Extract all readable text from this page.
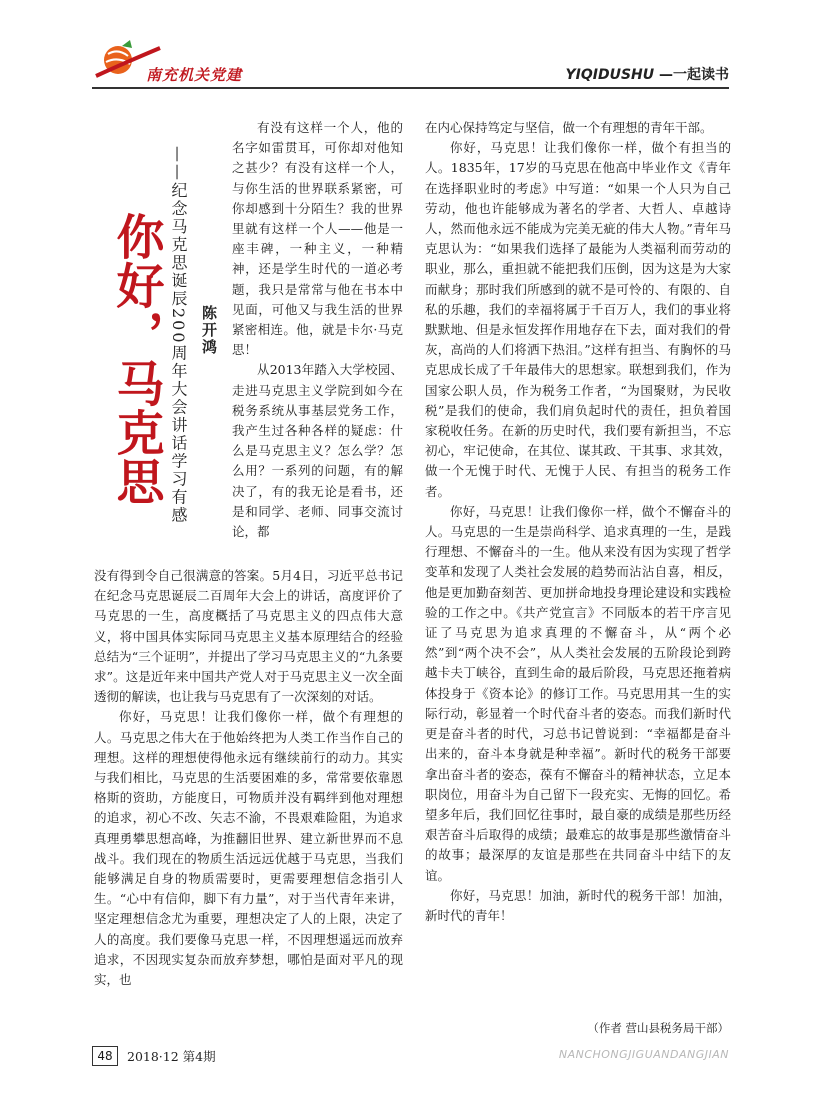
南充机关党建	YIQIDUSHU —一起读书
你好，马克思 ——纪念马克思诞辰200周年大会讲话学习有感 陈开鸿

有没有这样一个人，他的名字如雷贯耳，可你却对他知之甚少？有没有这样一个人，与你生活的世界联系紧密，可你却感到十分陌生？我的世界里就有这样一个人——他是一座丰碑，一种主义，一种精神，还是学生时代的一道必考题，我只是常常与他在书本中见面，可他又与我生活的世界紧密相连。他，就是卡尔·马克思！

从2013年踏入大学校园、走进马克思主义学院到如今在税务系统从事基层党务工作，我产生过各种各样的疑虑：什么是马克思主义？怎么学？怎么用？一系列的问题，有的解决了，有的我无论是看书，还是和同学、老师、同事交流讨论，都

没有得到令自己很满意的答案。5月4日，习近平总书记在纪念马克思诞辰二百周年大会上的讲话，高度评价了马克思的一生，高度概括了马克思主义的四点伟大意义，将中国具体实际同马克思主义基本原理结合的经验总结为“三个证明”，并提出了学习马克思主义的“九条要求”。这是近年来中国共产党人对于马克思主义一次全面透彻的解读，也让我与马克思有了一次深刻的对话。

你好，马克思！让我们像你一样，做个有理想的人。马克思之伟大在于他始终把为人类工作当作自己的理想。这样的理想使得他永远有继续前行的动力。其实与我们相比，马克思的生活要困难的多，常常要依靠恩格斯的资助，方能度日，可物质并没有羁绊到他对理想的追求，初心不改、矢志不渝，不畏艰难险阻，为追求真理勇攀思想高峰，为推翻旧世界、建立新世界而不息战斗。我们现在的物质生活远远优越于马克思，当我们能够满足自身的物质需要时，更需要理想信念指引人生。“心中有信仰，脚下有力量”，对于当代青年来讲，坚定理想信念尤为重要，理想决定了人的上限，决定了人的高度。我们要像马克思一样，不因理想遥远而放弃追求，不因现实复杂而放弃梦想，哪怕是面对平凡的现实，也

在内心保持笃定与坚信，做一个有理想的青年干部。

你好，马克思！让我们像你一样，做个有担当的人。1835年，17岁的马克思在他高中毕业作文《青年在选择职业时的考虑》中写道：“如果一个人只为自己劳动，他也许能够成为著名的学者、大哲人、卓越诗人，然而他永远不能成为完美无疵的伟大人物。”青年马克思认为：“如果我们选择了最能为人类福利而劳动的职业，那么，重担就不能把我们压倒，因为这是为大家而献身；那时我们所感到的就不是可怜的、有限的、自私的乐趣，我们的幸福将属于千百万人，我们的事业将默默地、但是永恒发挥作用地存在下去，面对我们的骨灰，高尚的人们将洒下热泪。”这样有担当、有胸怀的马克思成长成了千年最伟大的思想家。联想到我们，作为国家公职人员，作为税务工作者，“为国聚财，为民收税”是我们的使命，我们肩负起时代的责任，担负着国家税收任务。在新的历史时代，我们要有新担当，不忘初心，牢记使命，在其位、谋其政、干其事、求其效，做一个无愧于时代、无愧于人民、有担当的税务工作者。

你好，马克思！让我们像你一样，做个不懈奋斗的人。马克思的一生是崇尚科学、追求真理的一生，是践行理想、不懈奋斗的一生。他从来没有因为实现了哲学变革和发现了人类社会发展的趋势而沾沾自喜，相反，他是更加勤奋刻苦、更加拼命地投身理论建设和实践检验的工作之中。《共产党宣言》不同版本的若干序言见证了马克思为追求真理的不懈奋斗，从“两个必然”到“两个决不会”，从人类社会发展的五阶段论到跨越卡夫丁峡谷，直到生命的最后阶段，马克思还拖着病体投身于《资本论》的修订工作。马克思用其一生的实际行动，彰显着一个时代奋斗者的姿态。而我们新时代更是奋斗者的时代，习总书记曾说到：“幸福都是奋斗出来的，奋斗本身就是种幸福”。新时代的税务干部要拿出奋斗者的姿态，葆有不懈奋斗的精神状态，立足本职岗位，用奋斗为自己留下一段充实、无悔的回忆。希望多年后，我们回忆往事时，最自豪的成绩是那些历经艰苦奋斗后取得的成绩；最难忘的故事是那些激情奋斗的故事；最深厚的友谊是那些在共同奋斗中结下的友谊。

你好，马克思！加油，新时代的税务干部！加油，新时代的青年！

（作者 营山县税务局干部）
48	2018·12 第4期	NANCHONGJIGUANDANGJIAN
